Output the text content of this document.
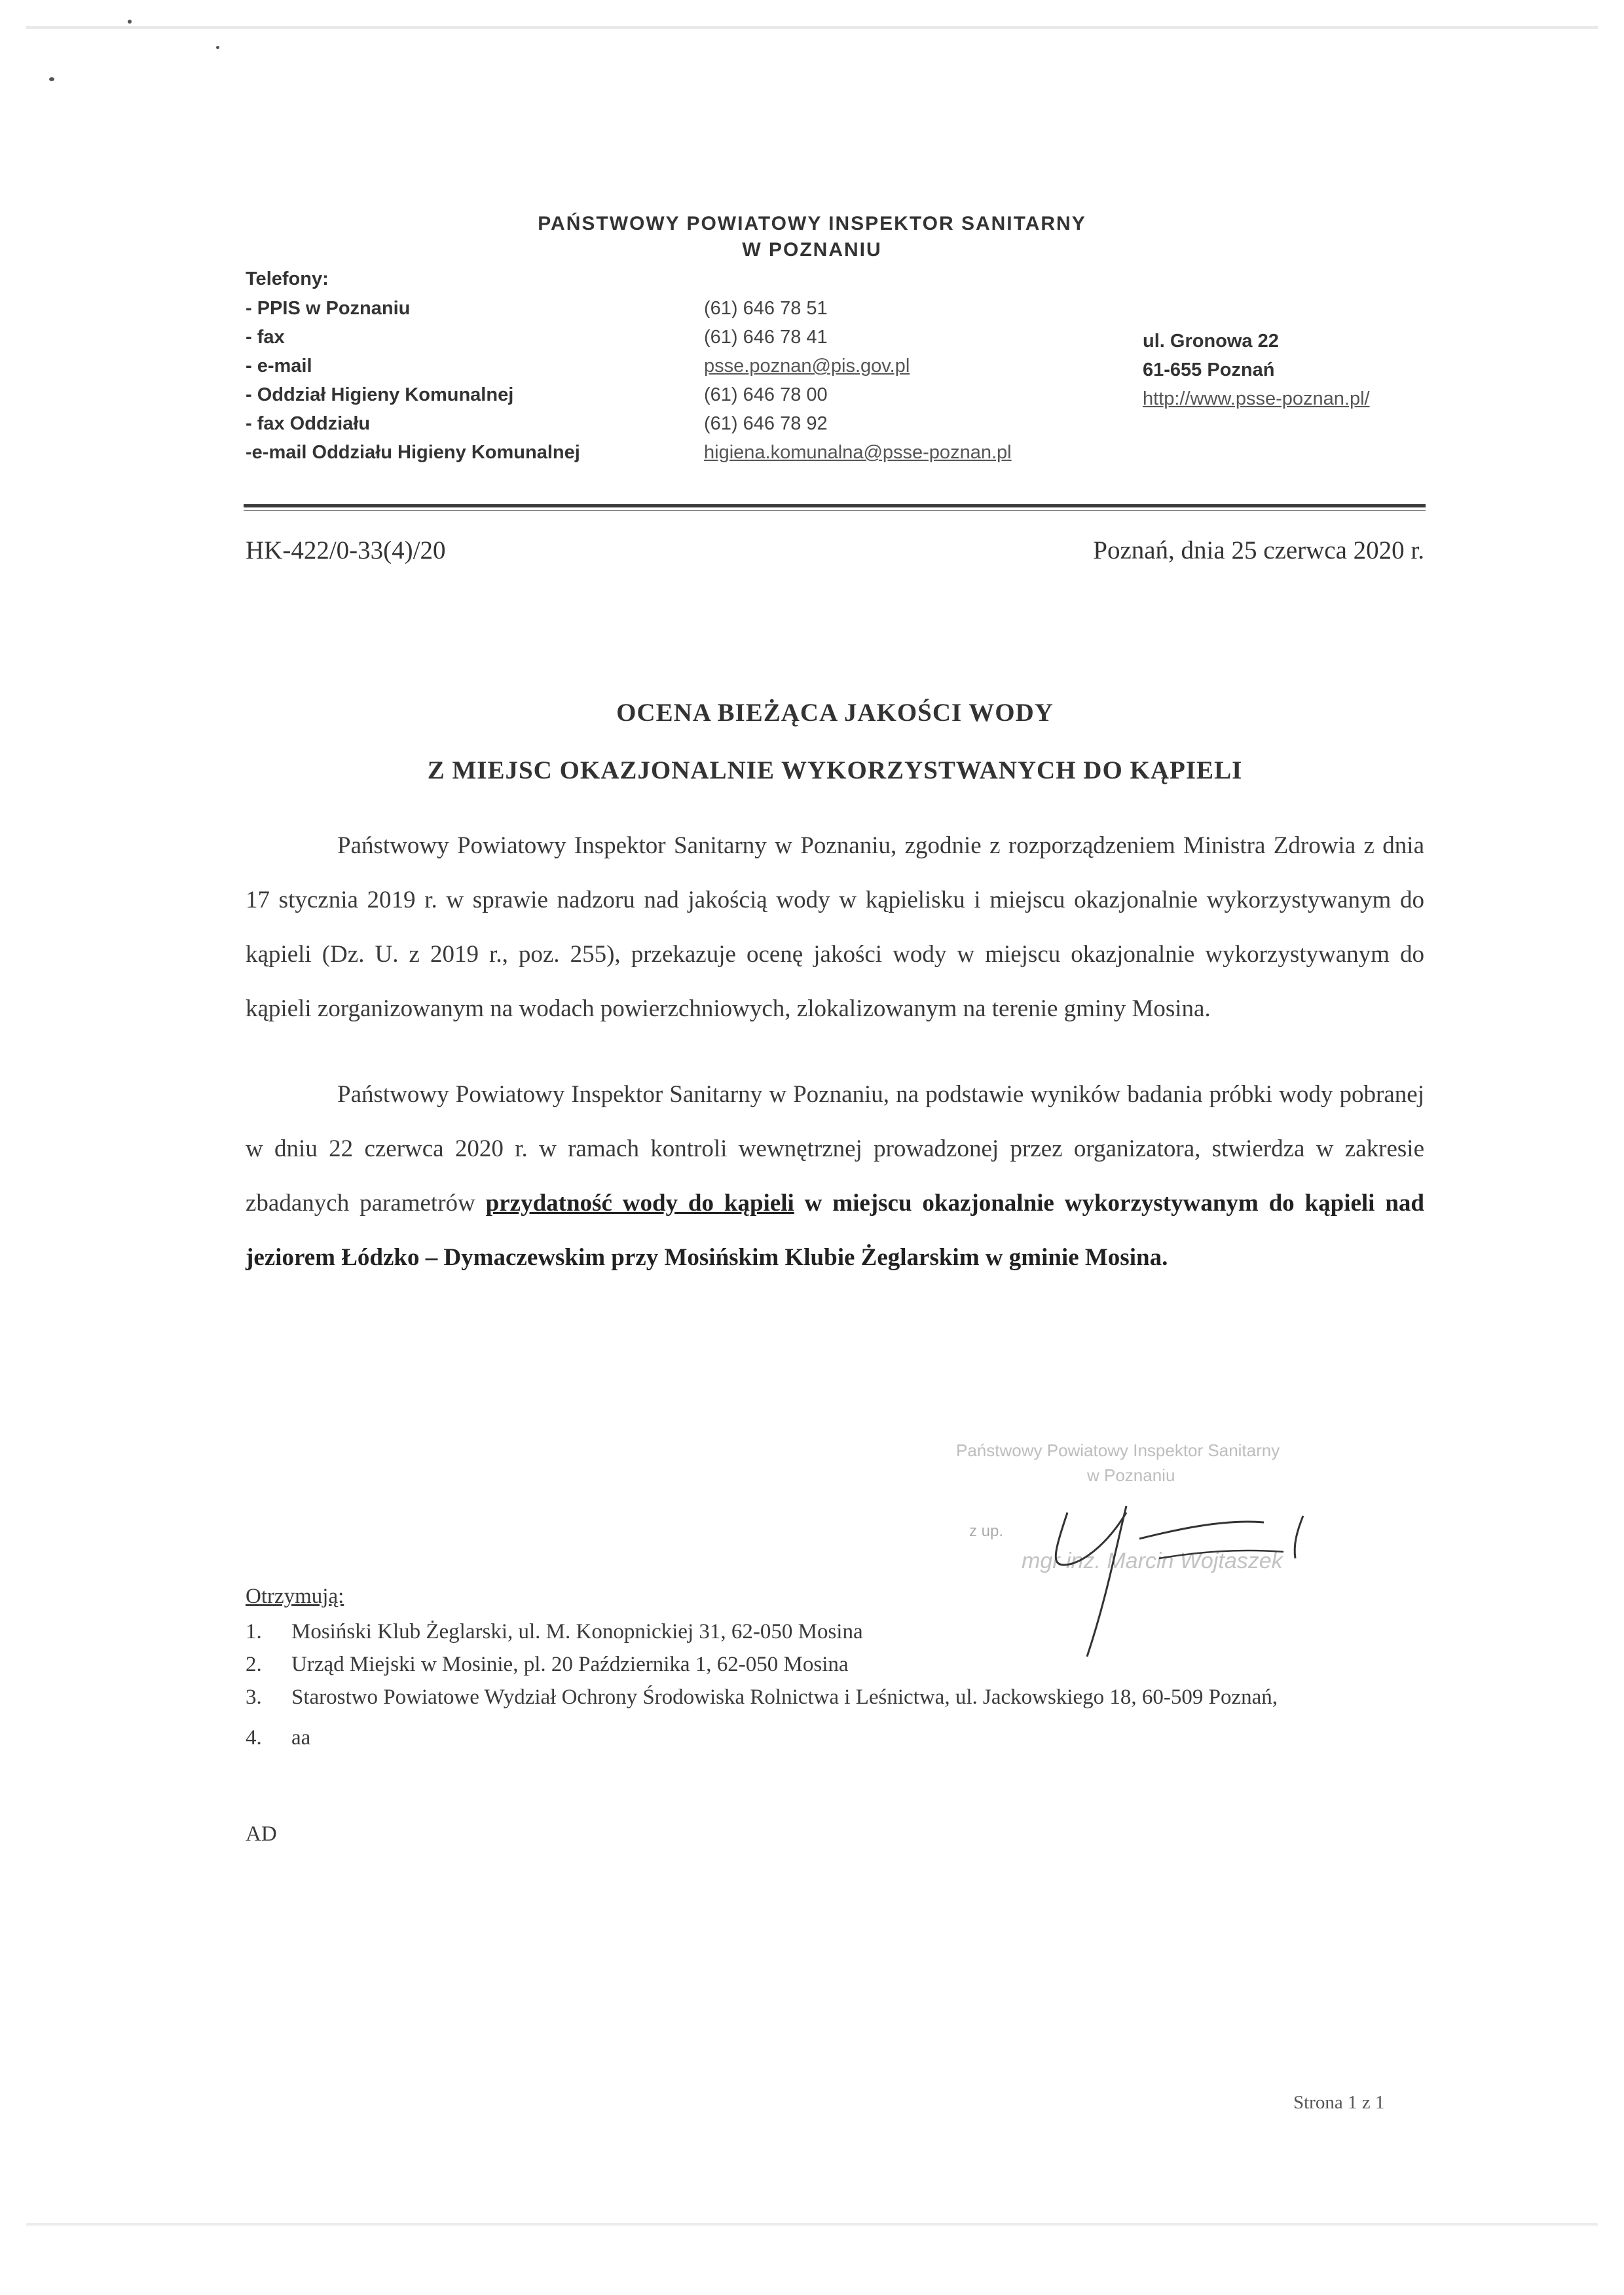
PAŃSTWOWY POWIATOWY INSPEKTOR SANITARNY
W POZNANIU
Telefony:
- PPIS w Poznaniu	(61) 646 78 51
- fax	(61) 646 78 41
- e-mail	psse.poznan@pis.gov.pl
- Oddział Higieny Komunalnej	(61) 646 78 00
- fax Oddziału	(61) 646 78 92
-e-mail Oddziału Higieny Komunalnej	higiena.komunalna@psse-poznan.pl
ul. Gronowa 22
61-655 Poznań
http://www.psse-poznan.pl/
HK-422/0-33(4)/20	Poznań, dnia 25 czerwca 2020 r.
OCENA BIEŻĄCA JAKOŚCI WODY
Z MIEJSC OKAZJONALNIE WYKORZYSTWANYCH DO KĄPIELI

Państwowy Powiatowy Inspektor Sanitarny w Poznaniu, zgodnie z rozporządzeniem Ministra Zdrowia z dnia 17 stycznia 2019 r. w sprawie nadzoru nad jakością wody w kąpielisku i miejscu okazjonalnie wykorzystywanym do kąpieli (Dz. U. z 2019 r., poz. 255), przekazuje ocenę jakości wody w miejscu okazjonalnie wykorzystywanym do kąpieli zorganizowanym na wodach powierzchniowych, zlokalizowanym na terenie gminy Mosina.

Państwowy Powiatowy Inspektor Sanitarny w Poznaniu, na podstawie wyników badania próbki wody pobranej w dniu 22 czerwca 2020 r. w ramach kontroli wewnętrznej prowadzonej przez organizatora, stwierdza w zakresie zbadanych parametrów przydatność wody do kąpieli w miejscu okazjonalnie wykorzystywanym do kąpieli nad jeziorem Łódzko – Dymaczewskim przy Mosińskim Klubie Żeglarskim w gminie Mosina.

Państwowy Powiatowy Inspektor Sanitarny
w Poznaniu
z up.
mgr inż. Marcin Wojtaszek
Otrzymują:
1. Mosiński Klub Żeglarski, ul. M. Konopnickiej 31, 62-050 Mosina
2. Urząd Miejski w Mosinie, pl. 20 Października 1, 62-050 Mosina
3. Starostwo Powiatowe Wydział Ochrony Środowiska Rolnictwa i Leśnictwa, ul. Jackowskiego 18, 60-509 Poznań,
4. aa
AD
Strona 1 z 1
